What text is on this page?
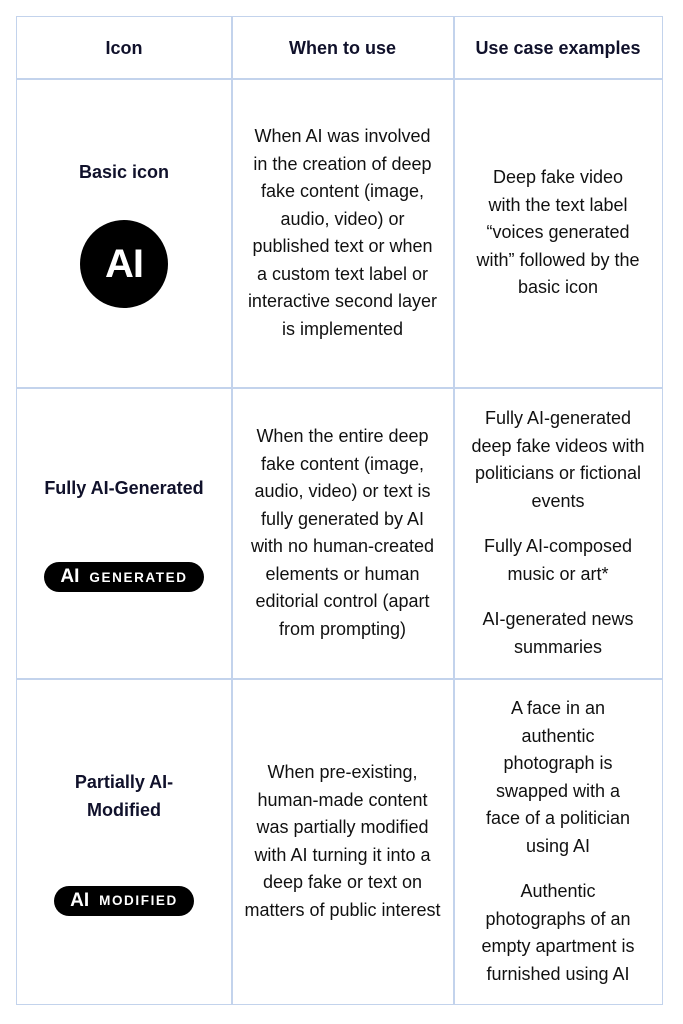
Icon	When to use	Use case examples
Basic icon
AI
When AI was involved in the creation of deep fake content (image, audio, video) or published text or when a custom text label or interactive second layer is implemented
Deep fake video with the text label “voices generated with” followed by the basic icon
Fully AI-Generated
AI GENERATED
When the entire deep fake content (image, audio, video) or text is fully generated by AI with no human-created elements or human editorial control (apart from prompting)
Fully AI-generated deep fake videos with politicians or fictional events
Fully AI-composed music or art*
AI-generated news summaries
Partially AI-Modified
AI MODIFIED
When pre-existing, human-made content was partially modified with AI turning it into a deep fake or text on matters of public interest
A face in an authentic photograph is swapped with a face of a politician using AI
Authentic photographs of an empty apartment is furnished using AI
